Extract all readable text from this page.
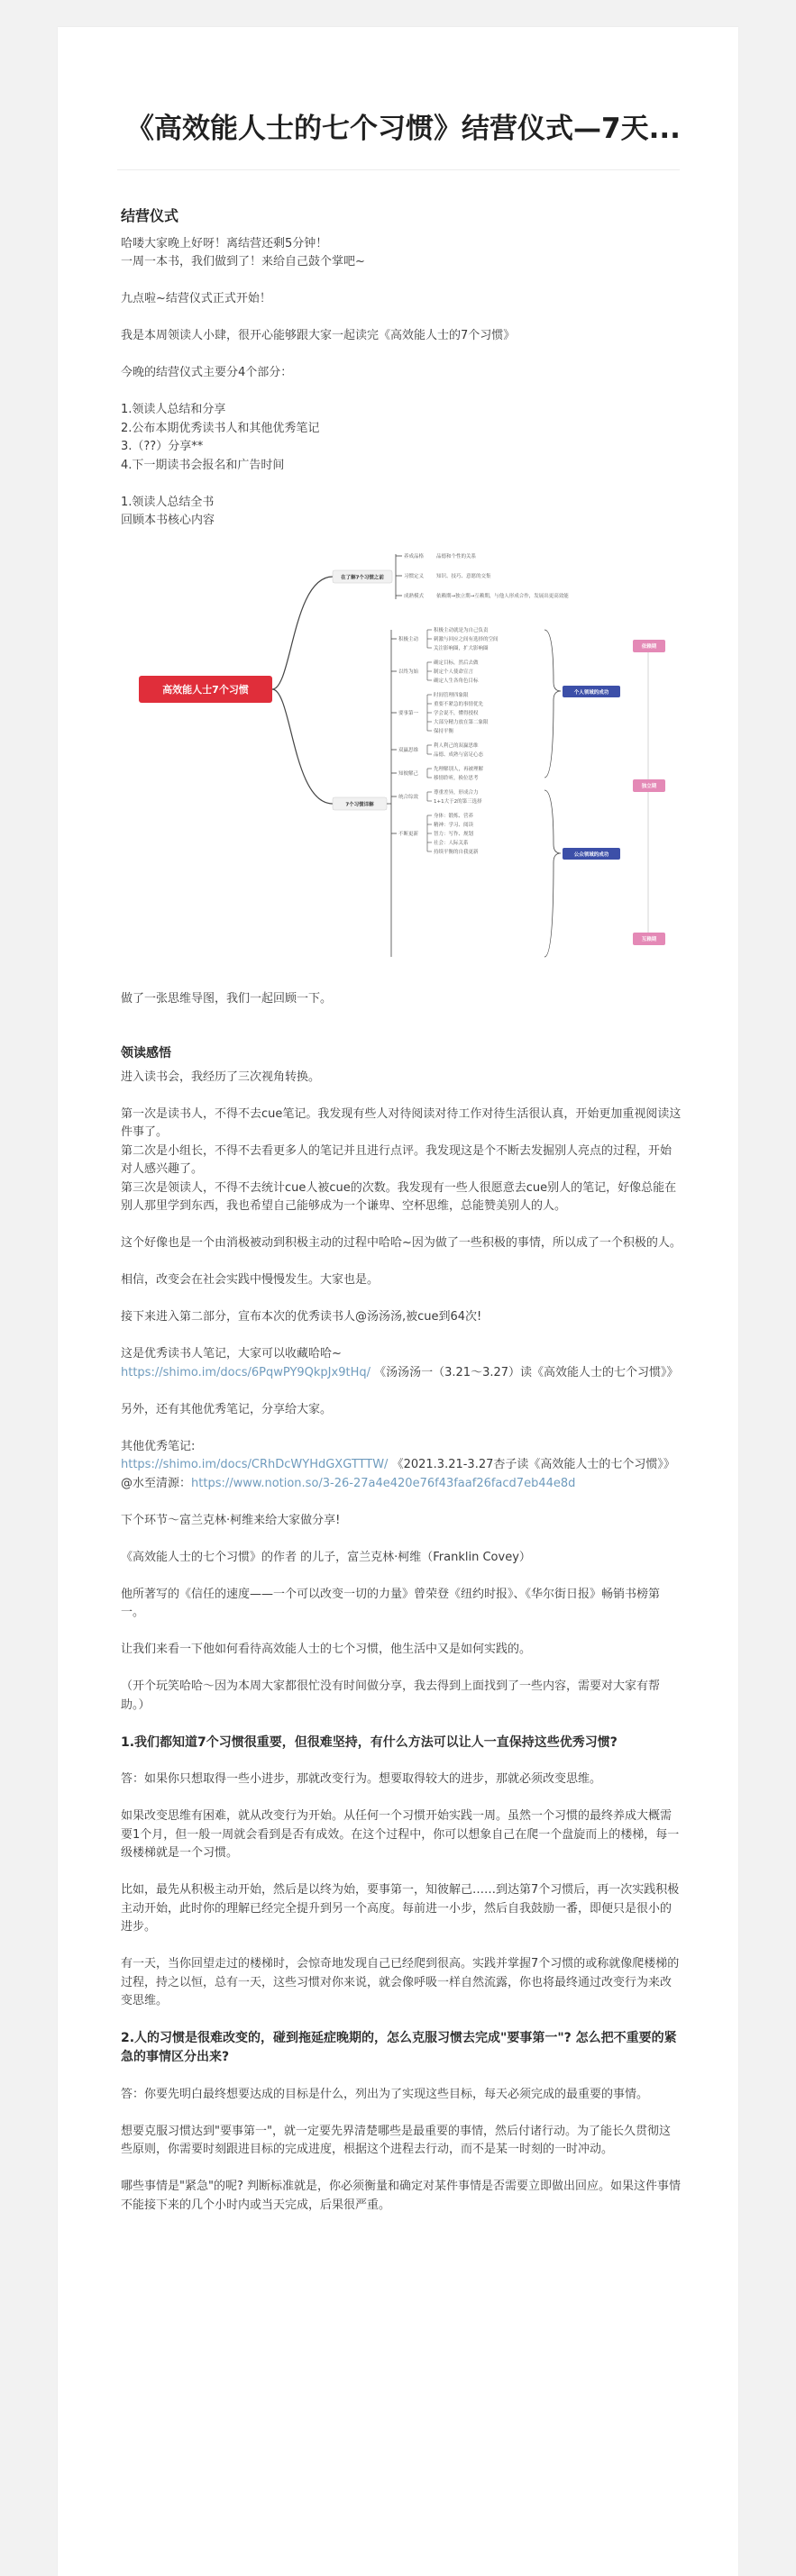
《高效能人士的七个习惯》结营仪式—7天...
结营仪式

哈喽大家晚上好呀！离结营还剩5分钟！

一周一本书，我们做到了！来给自己鼓个掌吧~

九点啦~结营仪式正式开始！

我是本周领读人小肆，很开心能够跟大家一起读完《高效能人士的7个习惯》

今晚的结营仪式主要分4个部分：

1.领读人总结和分享

2.公布本期优秀读书人和其他优秀笔记

3.（??）分享**

4.下一期读书会报名和广告时间

1.领读人总结全书

回顾本书核心内容

高效能人士7个习惯
在了解7个习惯之前
7个习惯详解
养成品格	品德和个性的关系
习惯定义	知识、技巧、意愿的交集
成熟模式	依赖期→独立期→互赖期，与他人形成合作，发展出更高效能
积极主动
积极主动就是为自己负责
刺激与回应之间有选择的空间
关注影响圈，扩大影响圈
以终为始
确定目标，然后去做
制定个人使命宣言
确定人生各角色目标
要事第一
时间管理四象限
重要不紧急的事情优先
学会说不，懂得授权
大部分精力放在第二象限
保持平衡
双赢思维
利人利己的双赢思维
品德、成熟与富足心态
知彼解己
先理解别人，再被理解
移情聆听，换位思考
统合综效
尊重差异，形成合力
1+1大于2的第三选择
不断更新
身体：锻炼、营养
精神：学习、阅读
智力：写作、规划
社会：人际关系
持续平衡的自我更新
个人领域的成功
公众领域的成功
依赖期
独立期
互赖期

做了一张思维导图，我们一起回顾一下。

领读感悟

进入读书会，我经历了三次视角转换。

第一次是读书人，不得不去cue笔记。我发现有些人对待阅读对待工作对待生活很认真，开始更加重视阅读这件事了。

第二次是小组长，不得不去看更多人的笔记并且进行点评。我发现这是个不断去发掘别人亮点的过程，开始对人感兴趣了。

第三次是领读人，不得不去统计cue人被cue的次数。我发现有一些人很愿意去cue别人的笔记，好像总能在别人那里学到东西，我也希望自己能够成为一个谦卑、空杯思维，总能赞美别人的人。

这个好像也是一个由消极被动到积极主动的过程中哈哈~因为做了一些积极的事情，所以成了一个积极的人。

相信，改变会在社会实践中慢慢发生。大家也是。

接下来进入第二部分，宣布本次的优秀读书人@汤汤汤,被cue到64次!

这是优秀读书人笔记，大家可以收藏哈哈~

https://shimo.im/docs/6PqwPY9QkpJx9tHq/ 《汤汤汤一（3.21～3.27）读《高效能人士的七个习惯》》

另外，还有其他优秀笔记，分享给大家。

其他优秀笔记:

https://shimo.im/docs/CRhDcWYHdGXGTTTW/ 《2021.3.21-3.27杏子读《高效能人士的七个习惯》》

@水至清源：https://www.notion.so/3-26-27a4e420e76f43faaf26facd7eb44e8d

下个环节～富兰克林·柯维来给大家做分享!

《高效能人士的七个习惯》的作者 的儿子，富兰克林·柯维（Franklin Covey）

他所著写的《信任的速度——一个可以改变一切的力量》曾荣登《纽约时报》、《华尔街日报》畅销书榜第一。

让我们来看一下他如何看待高效能人士的七个习惯，他生活中又是如何实践的。

（开个玩笑哈哈～因为本周大家都很忙没有时间做分享，我去得到上面找到了一些内容，需要对大家有帮助。）

1.我们都知道7个习惯很重要，但很难坚持，有什么方法可以让人一直保持这些优秀习惯?

答：如果你只想取得一些小进步，那就改变行为。想要取得较大的进步，那就必须改变思维。

如果改变思维有困难，就从改变行为开始。从任何一个习惯开始实践一周。虽然一个习惯的最终养成大概需要1个月，但一般一周就会看到是否有成效。在这个过程中，你可以想象自己在爬一个盘旋而上的楼梯，每一级楼梯就是一个习惯。

比如，最先从积极主动开始，然后是以终为始，要事第一，知彼解己……到达第7个习惯后，再一次实践积极主动开始，此时你的理解已经完全提升到另一个高度。每前进一小步，然后自我鼓励一番，即便只是很小的进步。

有一天，当你回望走过的楼梯时，会惊奇地发现自己已经爬到很高。实践并掌握7个习惯的或称就像爬楼梯的过程，持之以恒，总有一天，这些习惯对你来说，就会像呼吸一样自然流露，你也将最终通过改变行为来改变思维。

2.人的习惯是很难改变的，碰到拖延症晚期的，怎么克服习惯去完成"要事第一"? 怎么把不重要的紧急的事情区分出来?

答：你要先明白最终想要达成的目标是什么，列出为了实现这些目标，每天必须完成的最重要的事情。

想要克服习惯达到"要事第一"，就一定要先界清楚哪些是最重要的事情，然后付诸行动。为了能长久贯彻这些原则，你需要时刻跟进目标的完成进度，根据这个进程去行动，而不是某一时刻的一时冲动。

哪些事情是"紧急"的呢? 判断标准就是，你必须衡量和确定对某件事情是否需要立即做出回应。如果这件事情不能接下来的几个小时内或当天完成，后果很严重。
